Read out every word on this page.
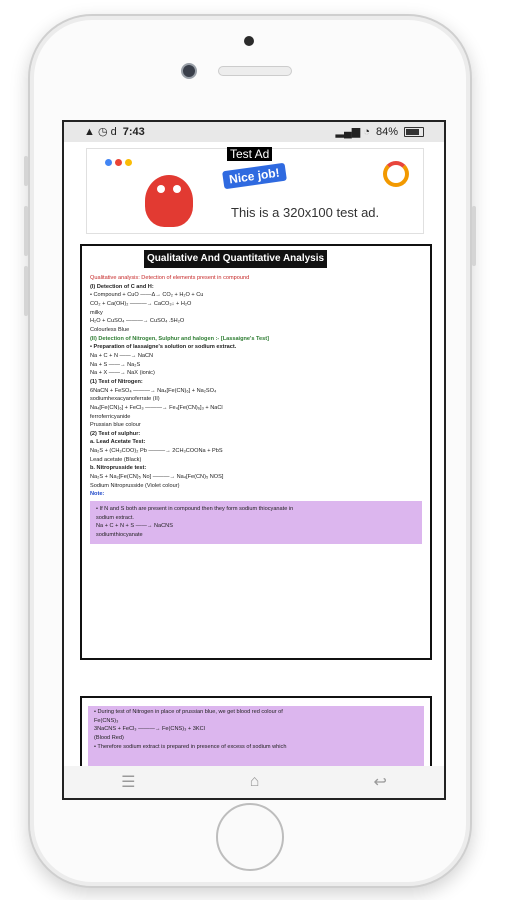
▲ ◷ d 7:43	▂▄▆ ◔ 84%
Test Ad
Nice job!
This is a 320x100 test ad.
Qualitative And Quantitative Analysis
Qualitative analysis: Detection of elements present in compound
(I) Detection of C and H:
• Compound + CuO ——Δ→ CO₂ + H₂O + Cu
CO₂ + Ca(OH)₂ ———→ CaCO₃↓ + H₂O
milky
H₂O + CuSO₄ ———→ CuSO₄ .5H₂O
Colourless Blue
(II) Detection of Nitrogen, Sulphur and halogen :- [Lassaigne's Test]
• Preparation of lassaigne's solution or sodium extract.
Na + C + N ——→ NaCN
Na + S ——→ Na₂S
Na + X ——→ NaX (ionic)
(1) Test of Nitrogen:
6NaCN + FeSO₄ ———→ Na₄[Fe(CN)₆] + Na₂SO₄
sodiumhexacyanoferrate (II)
Na₄[Fe(CN)₆] + FeCl₃ ———→ Fe₄[Fe(CN)₆]₃ + NaCl
ferroferricyanide
Prussian blue colour
(2) Test of sulphur:
a. Lead Acetate Test:
Na₂S + (CH₃COO)₂ Pb ———→ 2CH₃COONa + PbS
Lead acetate (Black)
b. Nitroprusside test:
Na₂S + Na₂[Fe(CN)₅ No] ———→ Na₄[Fe(CN)₅ NOS]
Sodium Nitroprusside (Violet colour)
Note:
• If N and S both are present in compound then they form sodium thiocyanate in
sodium extract.
Na + C + N + S ——→ NaCNS
sodiumthiocyanate
• During test of Nitrogen in place of prussian blue, we get blood red colour of
Fe(CNS)₃
3NaCNS + FeCl₃ ———→ Fe(CNS)₃ + 3KCl
(Blood Red)
• Therefore sodium extract is prepared in presence of excess of sodium which
☰	⌂	↩
